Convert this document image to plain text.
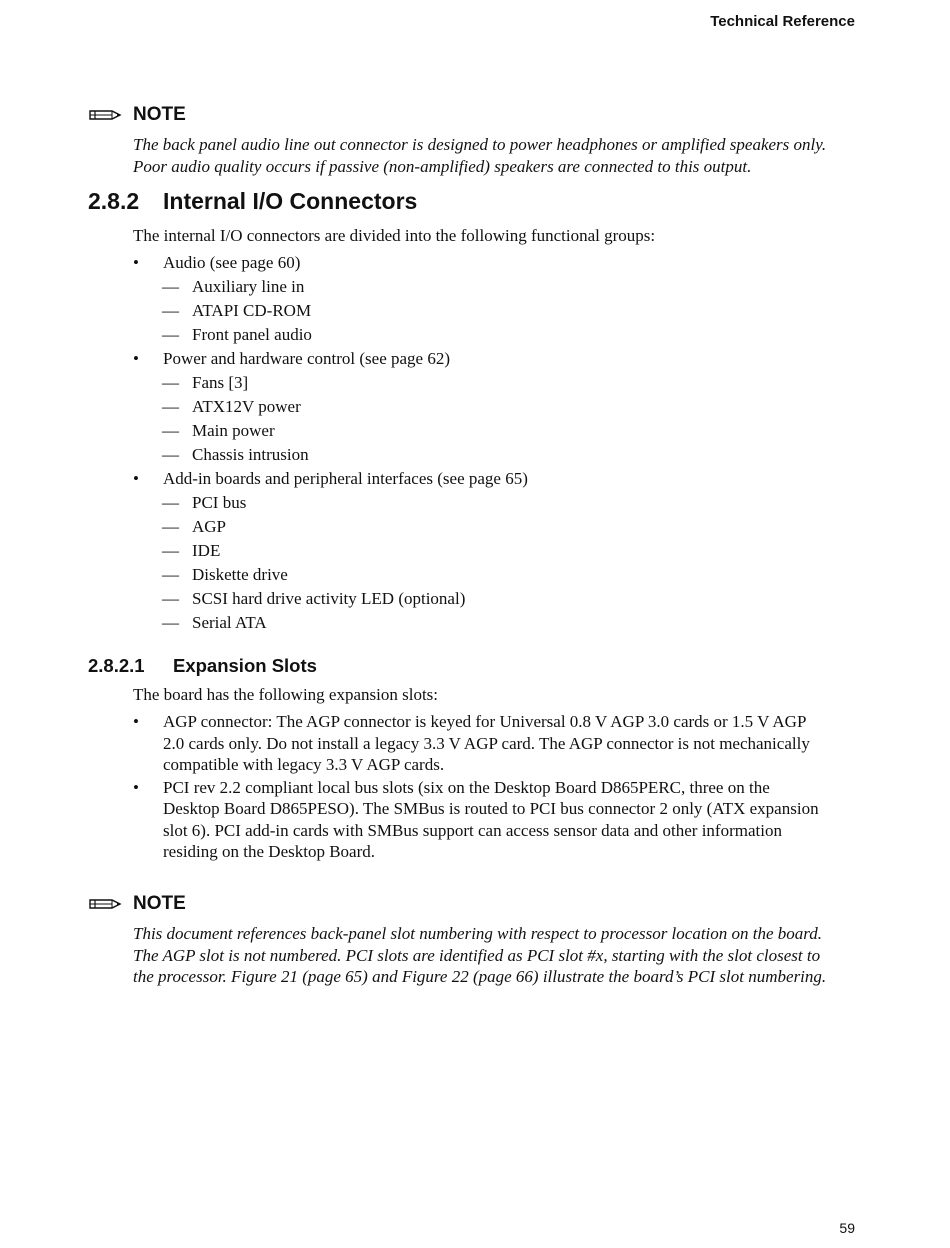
Technical Reference
NOTE
The back panel audio line out connector is designed to power headphones or amplified speakers only. Poor audio quality occurs if passive (non-amplified) speakers are connected to this output.
2.8.2 Internal I/O Connectors
The internal I/O connectors are divided into the following functional groups:
• Audio (see page 60)
— Auxiliary line in
— ATAPI CD-ROM
— Front panel audio
• Power and hardware control (see page 62)
— Fans [3]
— ATX12V power
— Main power
— Chassis intrusion
• Add-in boards and peripheral interfaces (see page 65)
— PCI bus
— AGP
— IDE
— Diskette drive
— SCSI hard drive activity LED (optional)
— Serial ATA
2.8.2.1 Expansion Slots
The board has the following expansion slots:
• AGP connector: The AGP connector is keyed for Universal 0.8 V AGP 3.0 cards or 1.5 V AGP 2.0 cards only. Do not install a legacy 3.3 V AGP card. The AGP connector is not mechanically compatible with legacy 3.3 V AGP cards.
• PCI rev 2.2 compliant local bus slots (six on the Desktop Board D865PERC, three on the Desktop Board D865PESO). The SMBus is routed to PCI bus connector 2 only (ATX expansion slot 6). PCI add-in cards with SMBus support can access sensor data and other information residing on the Desktop Board.
NOTE
This document references back-panel slot numbering with respect to processor location on the board. The AGP slot is not numbered. PCI slots are identified as PCI slot #x, starting with the slot closest to the processor. Figure 21 (page 65) and Figure 22 (page 66) illustrate the board’s PCI slot numbering.
59
